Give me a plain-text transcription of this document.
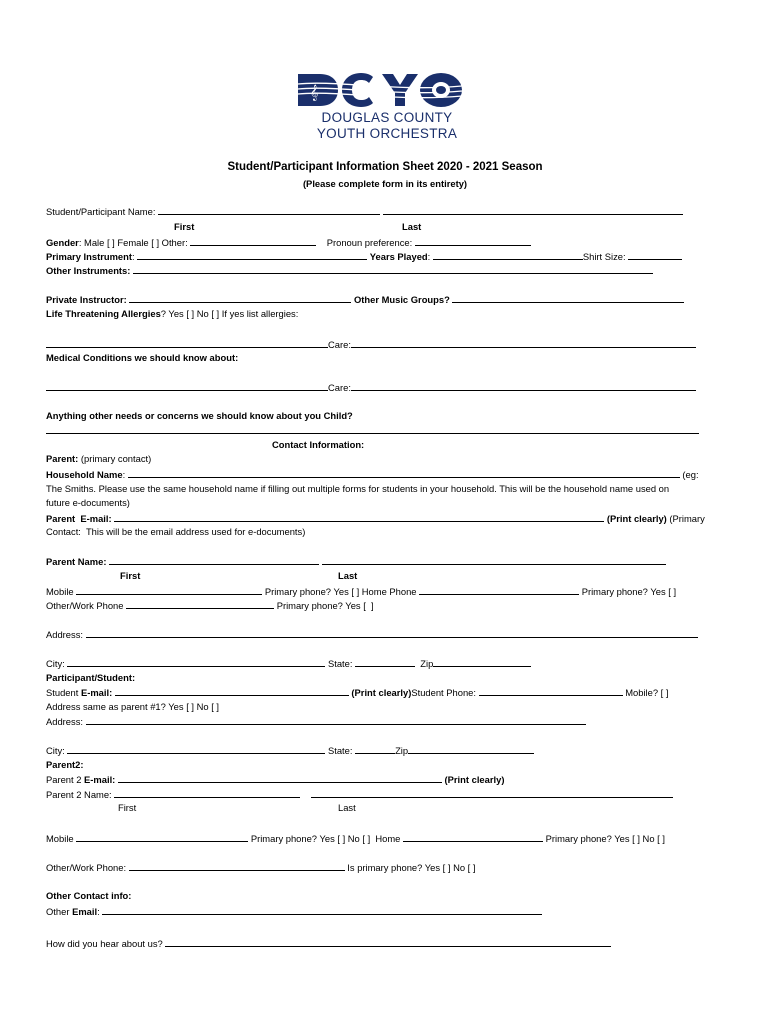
𝄞
DOUGLAS COUNTY
YOUTH ORCHESTRA
Student/Participant Information Sheet 2020 - 2021 Season
(Please complete form in its entirety)
Student/Participant Name:
First	Last
Gender: Male [ ] Female [ ] Other:	Pronoun preference:
Primary Instrument:	Years Played:	Shirt Size:
Other Instruments:
Private Instructor:	Other Music Groups?
Life Threatening Allergies? Yes [ ] No [ ] If yes list allergies:
Care:
Medical Conditions we should know about:
Care:
Anything other needs or concerns we should know about you Child?
Contact Information:
Parent: (primary contact)
Household Name:	(eg:
The Smiths. Please use the same household name if filling out multiple forms for students in your household. This will be the household name used on
future e-documents)
Parent  E-mail:	(Print clearly) (Primary
Contact:  This will be the email address used for e-documents)
Parent Name:
First	Last
Mobile	Primary phone? Yes [ ] Home Phone	Primary phone? Yes [ ]
Other/Work Phone	Primary phone? Yes [  ]
Address:
City:	State:	Zip
Participant/Student:
Student E-mail:	(Print clearly)Student Phone:	Mobile? [ ]
Address same as parent #1? Yes [ ] No [ ]
Address:
City:	State:	Zip
Parent2:
Parent 2 E-mail:	(Print clearly)
Parent 2 Name:
First	Last
Mobile	Primary phone? Yes [ ] No [ ]  Home	Primary phone? Yes [ ] No [ ]
Other/Work Phone:	Is primary phone? Yes [ ] No [ ]
Other Contact info:
Other Email:
How did you hear about us?
